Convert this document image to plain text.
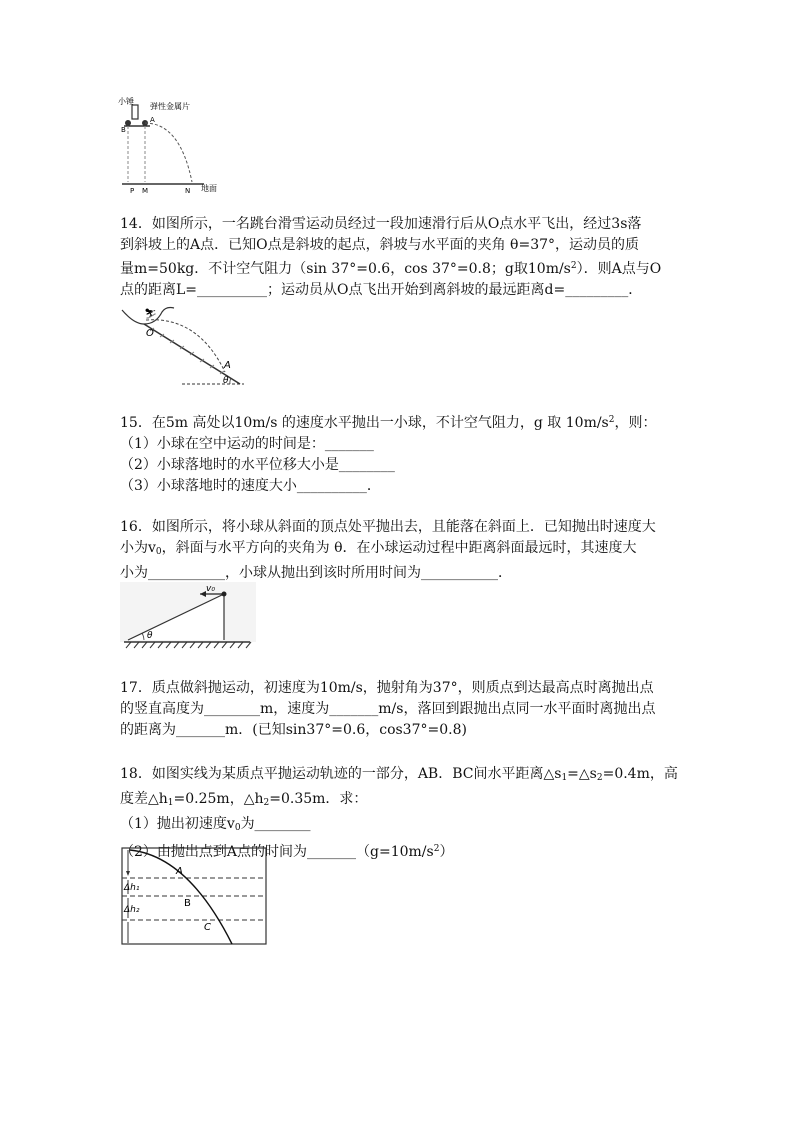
小锤
弹性金属片
B
A
P M	N 地面
14．如图所示，一名跳台滑雪运动员经过一段加速滑行后从O点水平飞出，经过3s落
到斜坡上的A点．已知O点是斜坡的起点，斜坡与水平面的夹角 θ=37°，运动员的质
量m=50kg．不计空气阻力（sin 37°=0.6，cos 37°=0.8；g取$10m/s^2$）．则A点与O
点的距离L=__________；运动员从O点飞出开始到离斜坡的最远距离d=_________．
⛷
O
A
θ
15．在5m 高处以10m/s 的速度水平抛出一小球，不计空气阻力，g 取 $10m/s^2$，则：
（1）小球在空中运动的时间是：_______
（2）小球落地时的水平位移大小是________
（3）小球落地时的速度大小__________．
16．如图所示，将小球从斜面的顶点处平抛出去，且能落在斜面上．已知抛出时速度大
小为$v_0$，斜面与水平方向的夹角为 θ．在小球运动过程中距离斜面最远时，其速度大
小为___________，小球从抛出到该时所用时间为___________．
v₀
θ
17．质点做斜抛运动，初速度为10m/s，抛射角为37°，则质点到达最高点时离抛出点
的竖直高度为________m，速度为_______m/s，落回到跟抛出点同一水平面时离抛出点
的距离为_______m．(已知sin37°=0.6，cos37°=0.8)
18．如图实线为某质点平抛运动轨迹的一部分，AB．BC间水平距离$\triangle s_1=\triangle s_2=0.4m$，高
度差$\triangle h_1=0.25m$，$\triangle h_2=0.35m$．求：
（1）抛出初速度$v_0$为________
（2）由抛出点到A点的时间为$\_\_\_\_\_\_\_(g=10m/s^2)$
Δh₁
Δh₂
A
B
C
